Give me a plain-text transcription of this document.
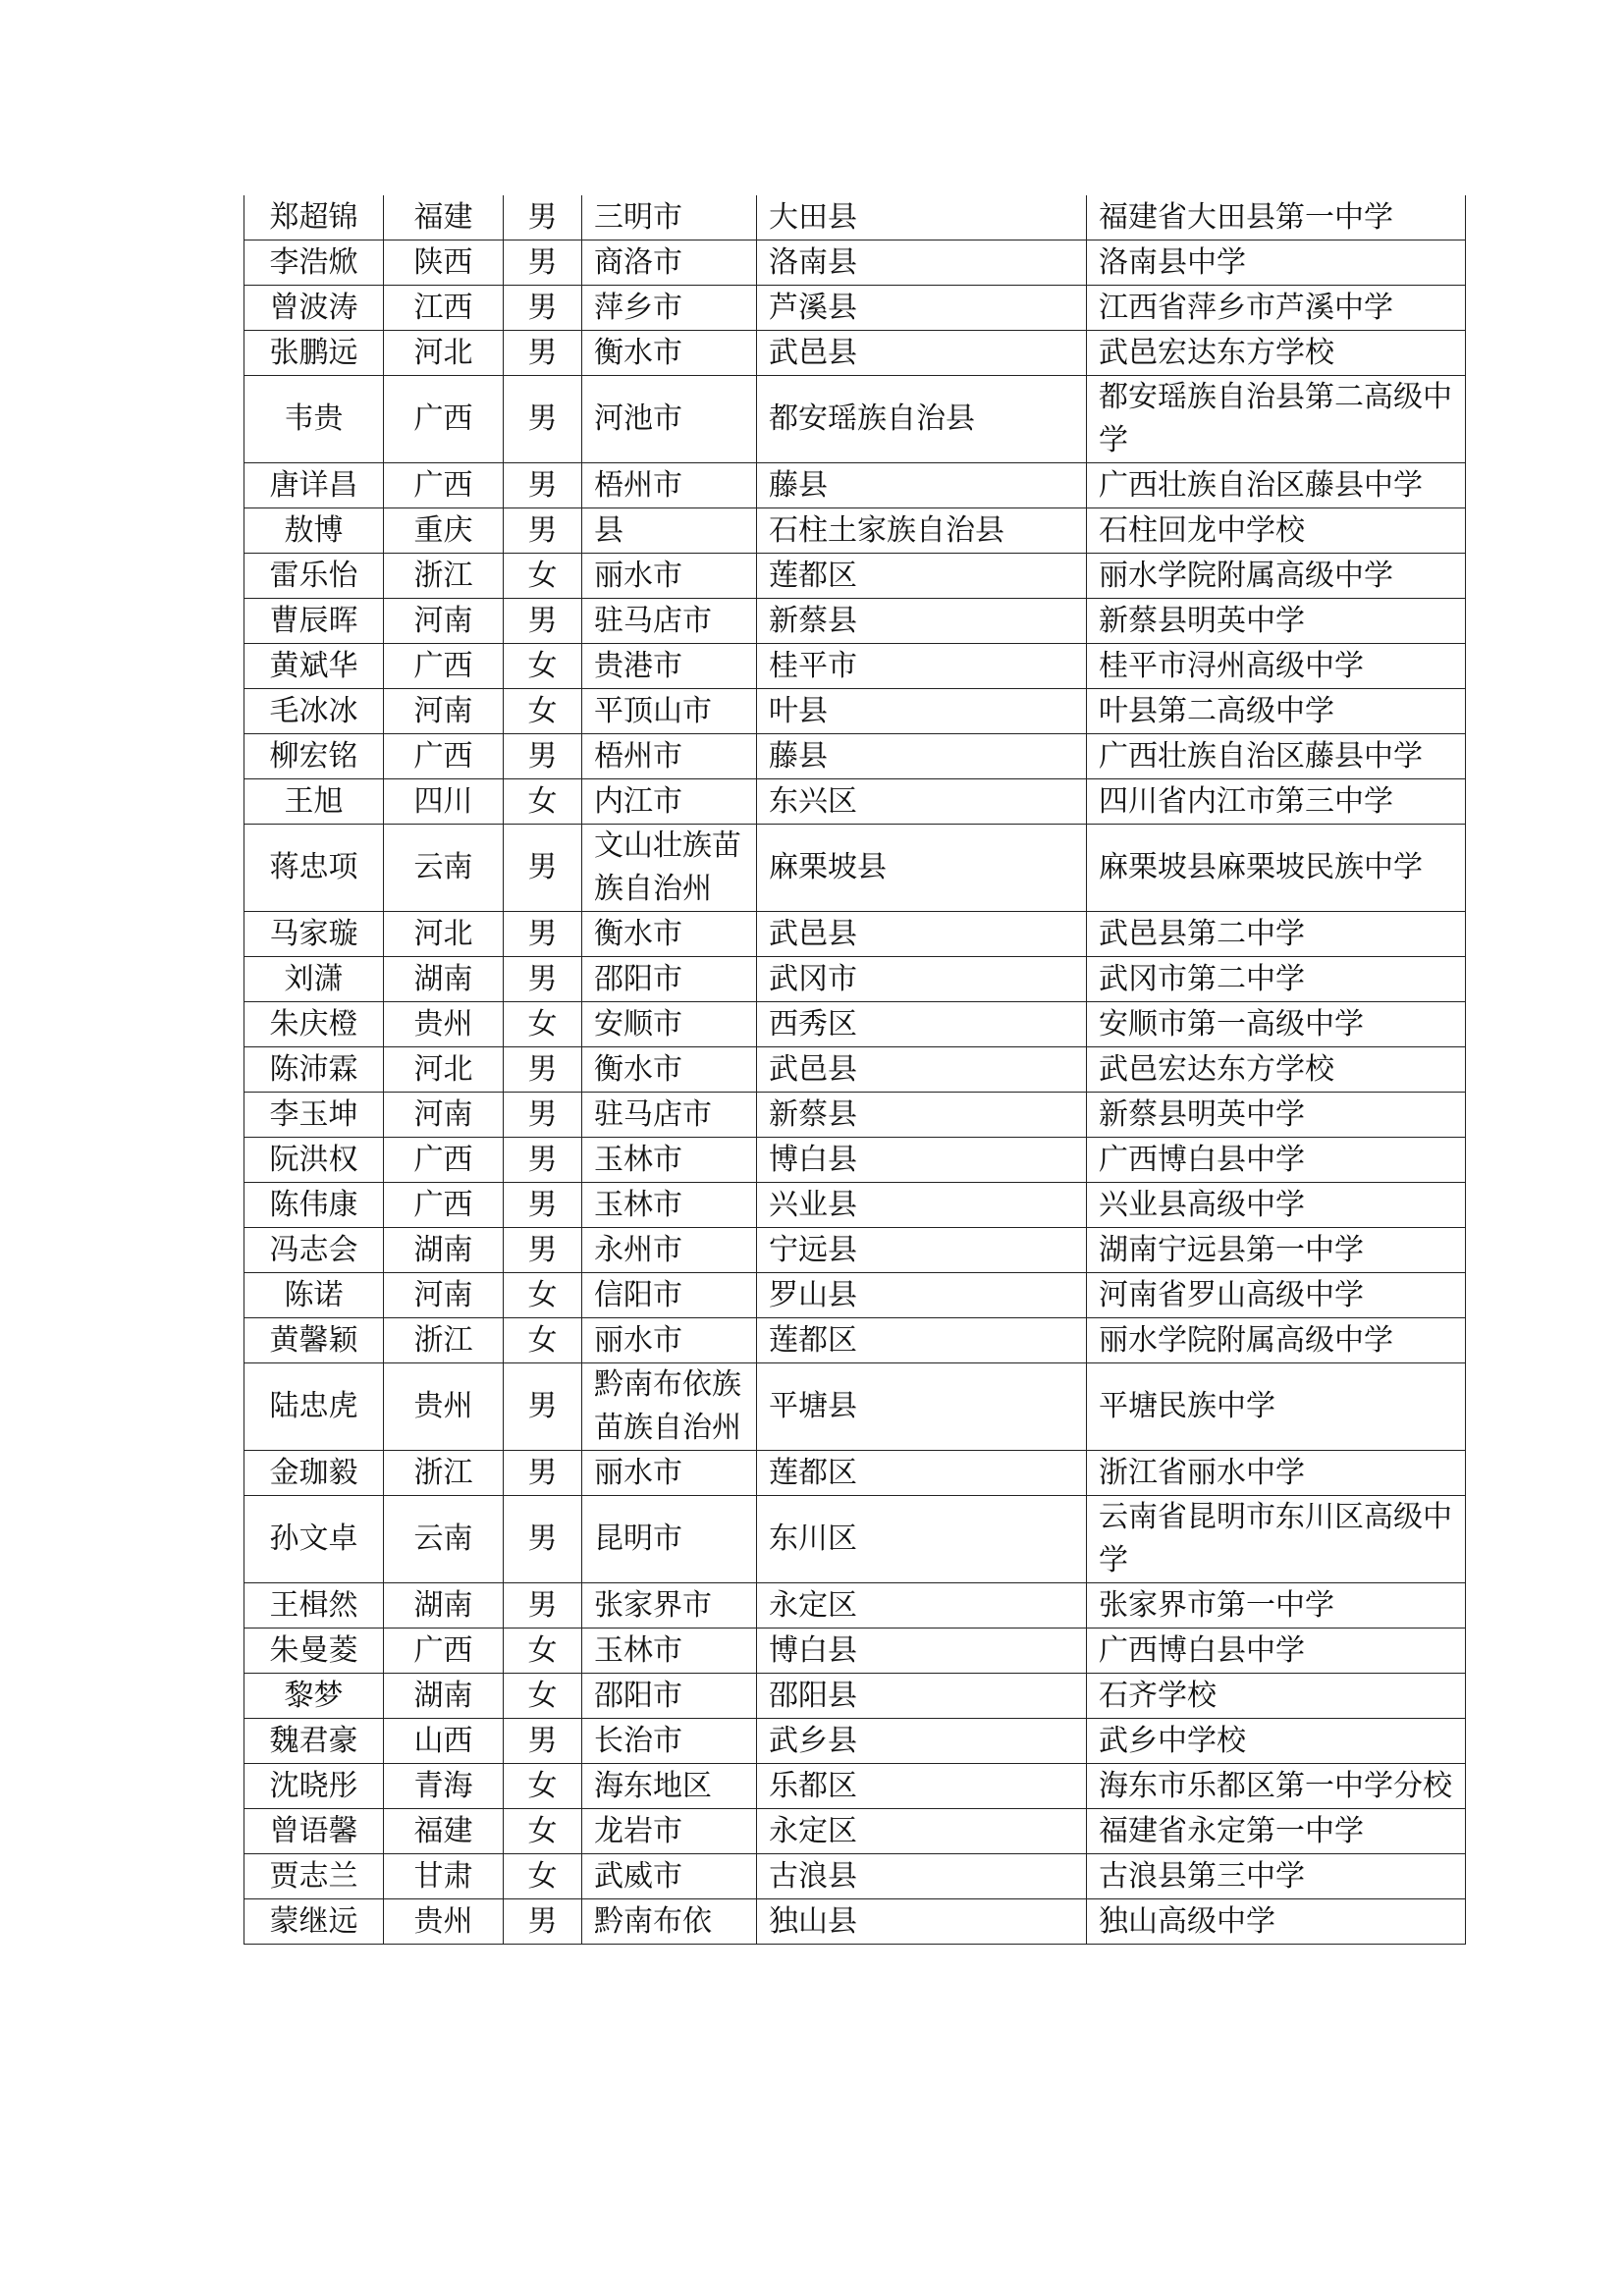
郑超锦	福建	男	三明市	大田县	福建省大田县第一中学
李浩焮	陕西	男	商洛市	洛南县	洛南县中学
曾波涛	江西	男	萍乡市	芦溪县	江西省萍乡市芦溪中学
张鹏远	河北	男	衡水市	武邑县	武邑宏达东方学校
韦贵	广西	男	河池市	都安瑶族自治县	都安瑶族自治县第二高级中学
唐详昌	广西	男	梧州市	藤县	广西壮族自治区藤县中学
敖博	重庆	男	县	石柱土家族自治县	石柱回龙中学校
雷乐怡	浙江	女	丽水市	莲都区	丽水学院附属高级中学
曹辰晖	河南	男	驻马店市	新蔡县	新蔡县明英中学
黄斌华	广西	女	贵港市	桂平市	桂平市浔州高级中学
毛冰冰	河南	女	平顶山市	叶县	叶县第二高级中学
柳宏铭	广西	男	梧州市	藤县	广西壮族自治区藤县中学
王旭	四川	女	内江市	东兴区	四川省内江市第三中学
蒋忠项	云南	男	文山壮族苗族自治州	麻栗坡县	麻栗坡县麻栗坡民族中学
马家璇	河北	男	衡水市	武邑县	武邑县第二中学
刘潇	湖南	男	邵阳市	武冈市	武冈市第二中学
朱庆橙	贵州	女	安顺市	西秀区	安顺市第一高级中学
陈沛霖	河北	男	衡水市	武邑县	武邑宏达东方学校
李玉坤	河南	男	驻马店市	新蔡县	新蔡县明英中学
阮洪权	广西	男	玉林市	博白县	广西博白县中学
陈伟康	广西	男	玉林市	兴业县	兴业县高级中学
冯志会	湖南	男	永州市	宁远县	湖南宁远县第一中学
陈诺	河南	女	信阳市	罗山县	河南省罗山高级中学
黄馨颖	浙江	女	丽水市	莲都区	丽水学院附属高级中学
陆忠虎	贵州	男	黔南布依族苗族自治州	平塘县	平塘民族中学
金珈毅	浙江	男	丽水市	莲都区	浙江省丽水中学
孙文卓	云南	男	昆明市	东川区	云南省昆明市东川区高级中学
王楫然	湖南	男	张家界市	永定区	张家界市第一中学
朱曼菱	广西	女	玉林市	博白县	广西博白县中学
黎梦	湖南	女	邵阳市	邵阳县	石齐学校
魏君豪	山西	男	长治市	武乡县	武乡中学校
沈晓彤	青海	女	海东地区	乐都区	海东市乐都区第一中学分校
曾语馨	福建	女	龙岩市	永定区	福建省永定第一中学
贾志兰	甘肃	女	武威市	古浪县	古浪县第三中学
蒙继远	贵州	男	黔南布依	独山县	独山高级中学
